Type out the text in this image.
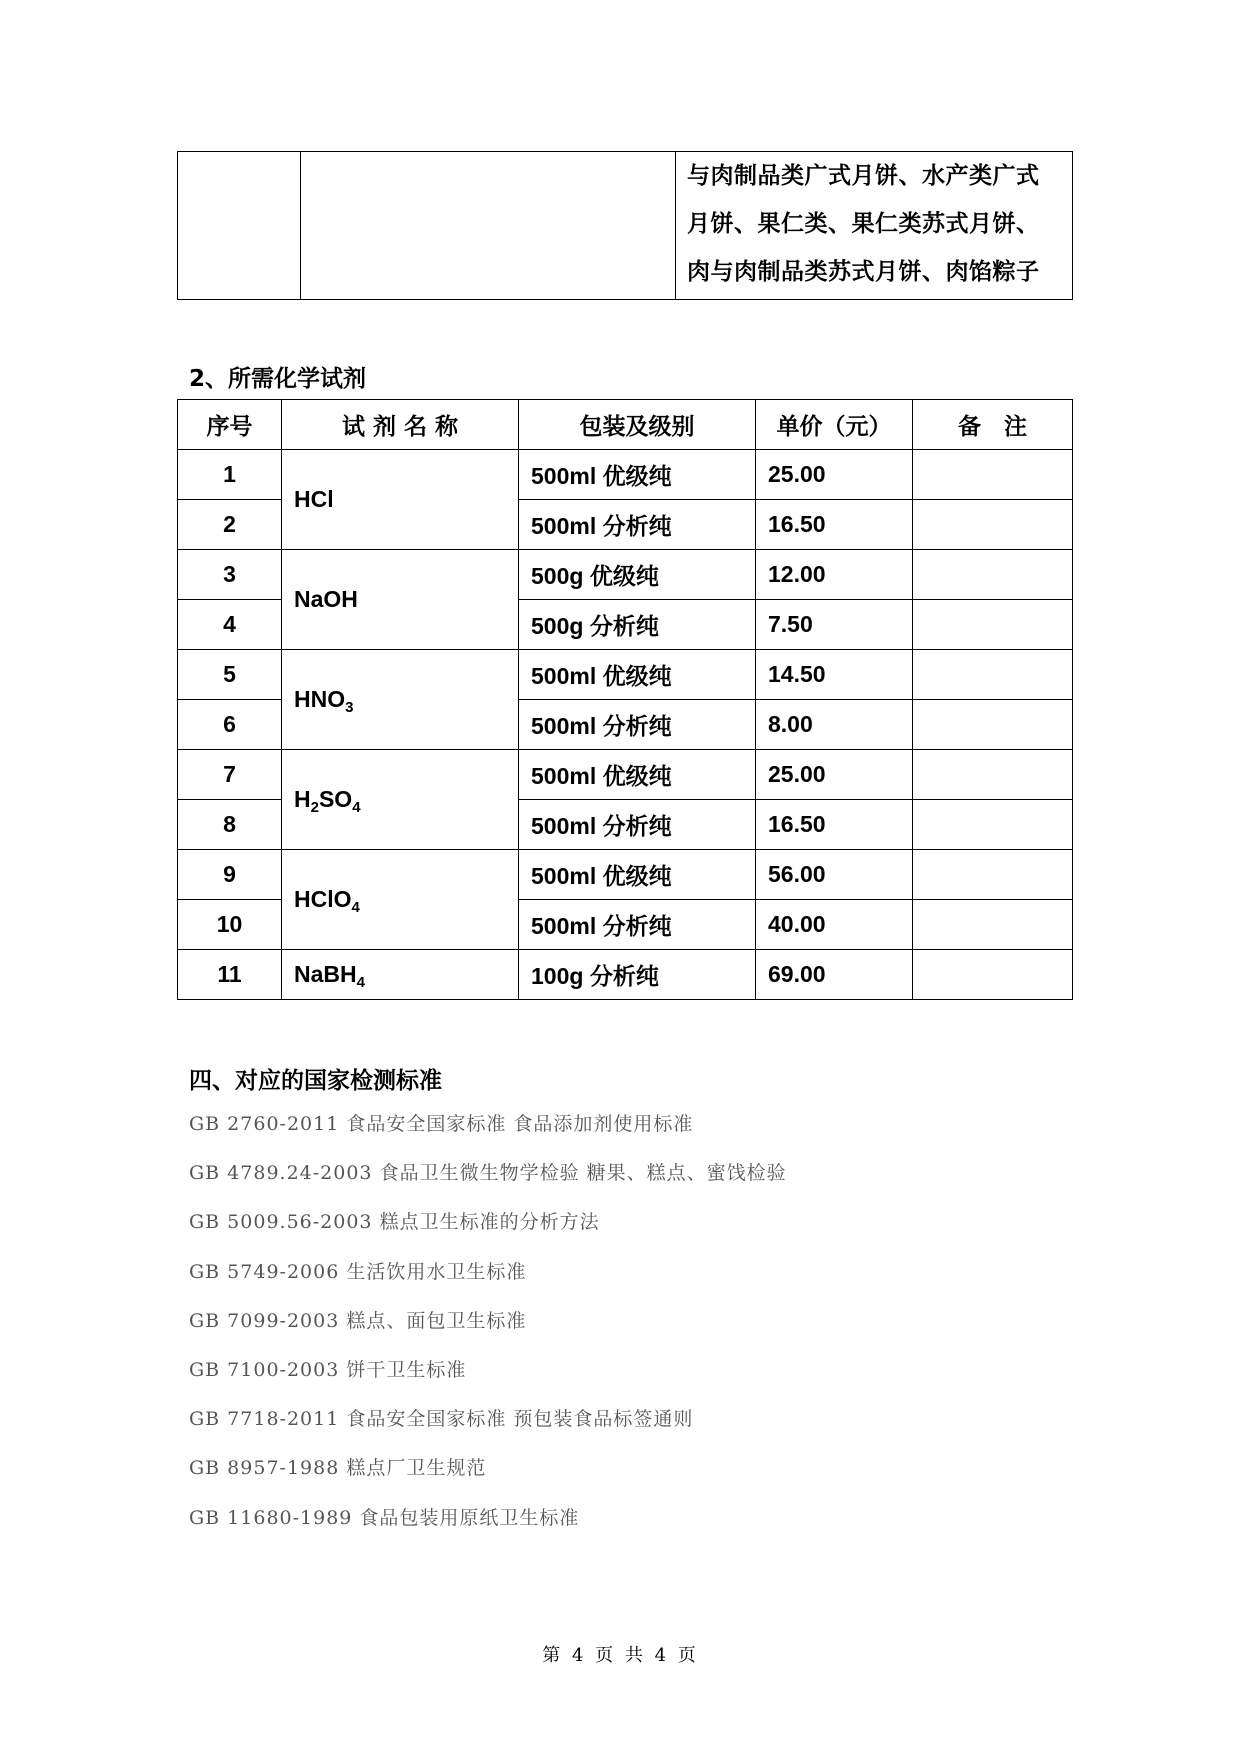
与肉制品类广式月饼、水产类广式
月饼、果仁类、果仁类苏式月饼、
肉与肉制品类苏式月饼、肉馅粽子
2、所需化学试剂
序号	试 剂 名 称	包装及级别	单价（元）	备　注
1	HCl	500ml 优级纯	25.00	
2		500ml 分析纯	16.50	
3	NaOH	500g 优级纯	12.00	
4		500g 分析纯	7.50	
5	$HNO_3$	500ml 优级纯	14.50	
6		500ml 分析纯	8.00	
7	$H_2SO_4$	500ml 优级纯	25.00	
8		500ml 分析纯	16.50	
9	HClO$_4$	500ml 优级纯	56.00	
10		500ml 分析纯	40.00	
11	NaBH$_4$	100g 分析纯	69.00	
四、对应的国家检测标准
GB 2760-2011 食品安全国家标准 食品添加剂使用标准
GB 4789.24-2003 食品卫生微生物学检验 糖果、糕点、蜜饯检验
GB 5009.56-2003 糕点卫生标准的分析方法
GB 5749-2006 生活饮用水卫生标准
GB 7099-2003 糕点、面包卫生标准
GB 7100-2003 饼干卫生标准
GB 7718-2011 食品安全国家标准 预包装食品标签通则
GB 8957-1988 糕点厂卫生规范
GB 11680-1989 食品包装用原纸卫生标准
第 4 页 共 4 页
